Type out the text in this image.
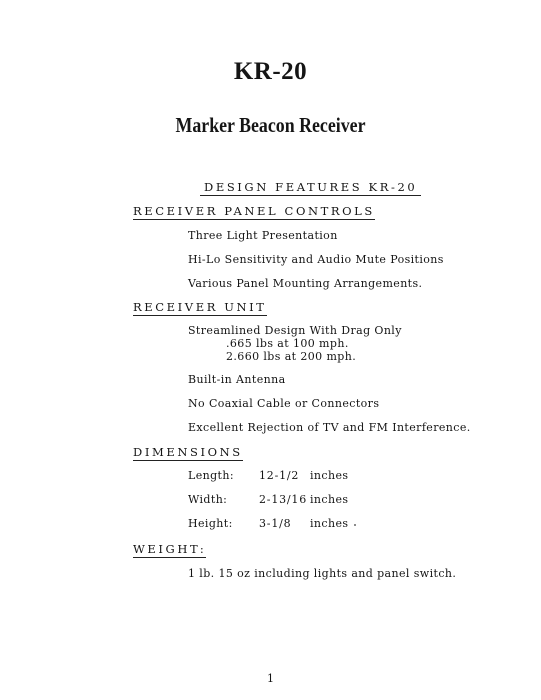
KR-20
Marker Beacon Receiver
DESIGN FEATURES KR-20
RECEIVER PANEL CONTROLS
Three Light Presentation
Hi-Lo Sensitivity and Audio Mute Positions
Various Panel Mounting Arrangements.
RECEIVER UNIT
Streamlined Design With Drag Only
.665 lbs at 100 mph.
2.660 lbs at 200 mph.
Built-in Antenna
No Coaxial Cable or Connectors
Excellent Rejection of TV and FM Interference.
DIMENSIONS
Length: 12-1/2 inches
Width:	2-13/16 inches
Height: 3-1/8 inches
WEIGHT:
1 lb. 15 oz including lights and panel switch.
1
